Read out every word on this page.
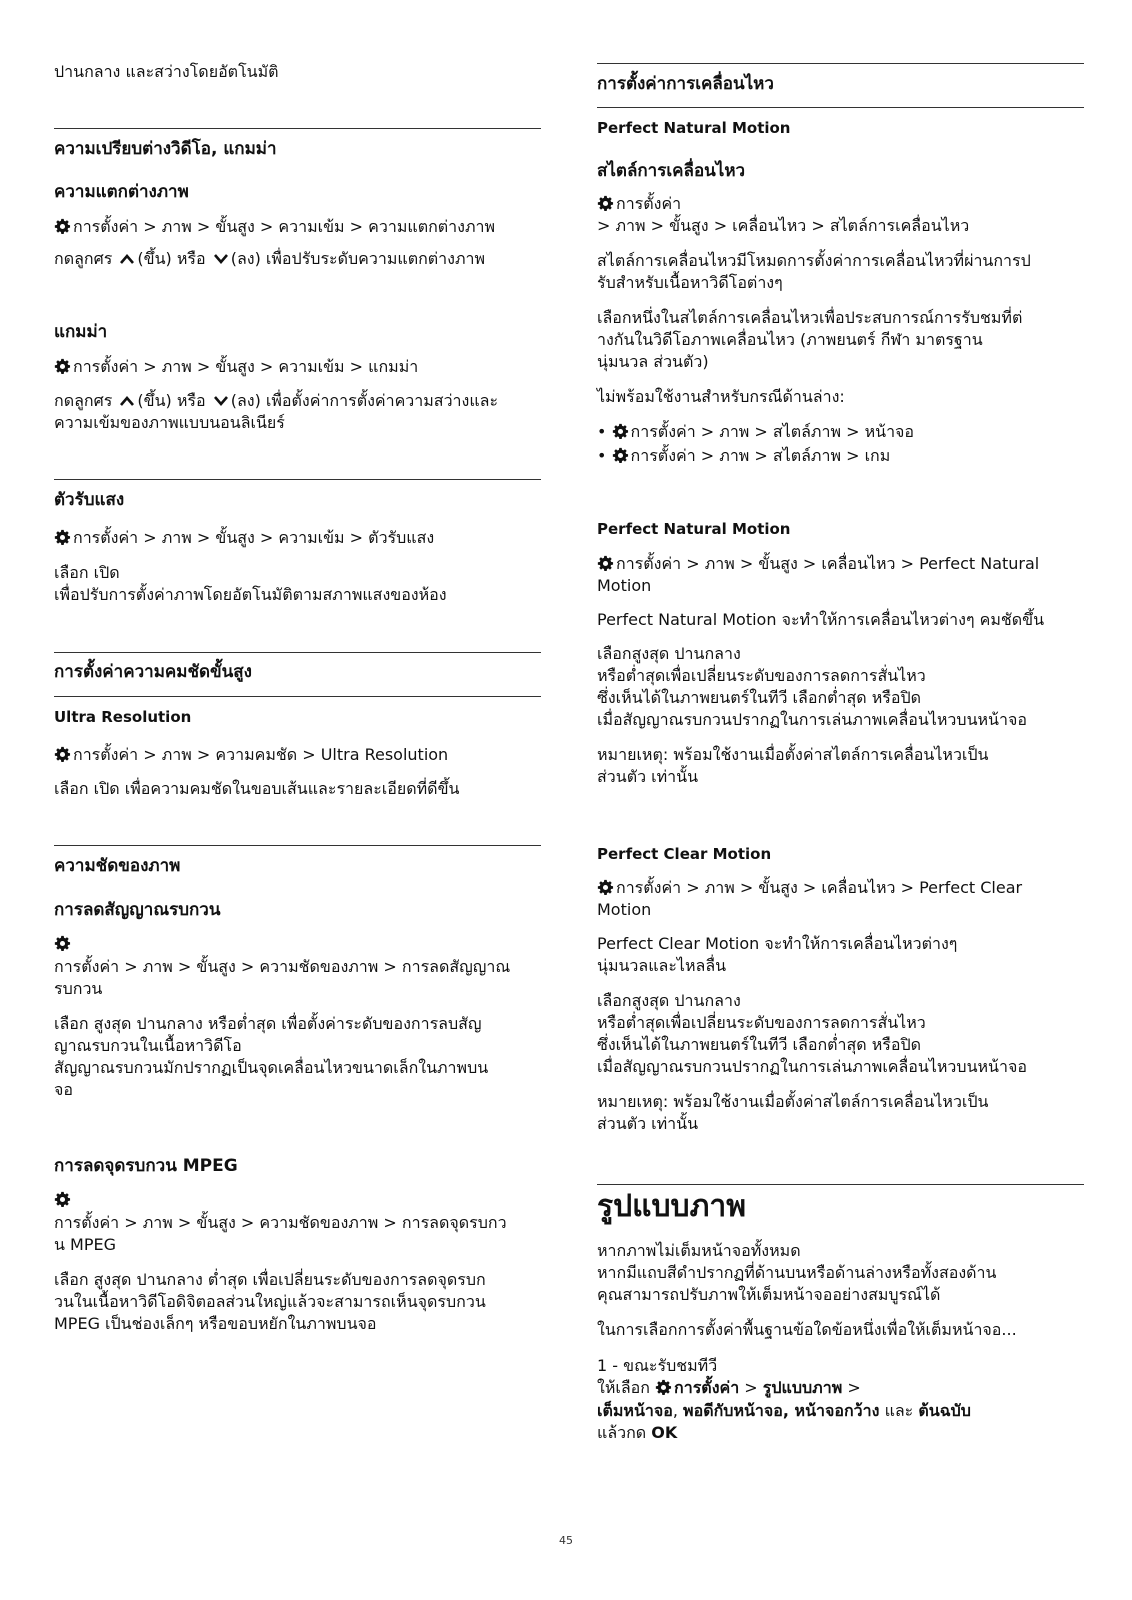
ปานกลาง และสว่างโดยอัตโนมัติ
ความเปรียบต่างวิดีโอ, แกมม่า
ความแตกต่างภาพ
การตั้งค่า > ภาพ > ขั้นสูง > ความเข้ม > ความแตกต่างภาพ
กดลูกศร (ขึ้น) หรือ (ลง) เพื่อปรับระดับความแตกต่างภาพ
แกมม่า
การตั้งค่า > ภาพ > ขั้นสูง > ความเข้ม > แกมม่า
กดลูกศร (ขึ้น) หรือ (ลง) เพื่อตั้งค่าการตั้งค่าความสว่างและ
ความเข้มของภาพแบบนอนลิเนียร์
ตัวรับแสง
การตั้งค่า > ภาพ > ขั้นสูง > ความเข้ม > ตัวรับแสง
เลือก เปิด
เพื่อปรับการตั้งค่าภาพโดยอัตโนมัติตามสภาพแสงของห้อง
การตั้งค่าความคมชัดขั้นสูง
Ultra Resolution
การตั้งค่า > ภาพ > ความคมชัด > Ultra Resolution
เลือก เปิด เพื่อความคมชัดในขอบเส้นและรายละเอียดที่ดีขึ้น
ความชัดของภาพ
การลดสัญญาณรบกวน
การตั้งค่า > ภาพ > ขั้นสูง > ความชัดของภาพ > การลดสัญญาณ
รบกวน
เลือก สูงสุด ปานกลาง หรือต่ำสุด เพื่อตั้งค่าระดับของการลบสัญ
ญาณรบกวนในเนื้อหาวิดีโอ
สัญญาณรบกวนมักปรากฏเป็นจุดเคลื่อนไหวขนาดเล็กในภาพบน
จอ
การลดจุดรบกวน MPEG
การตั้งค่า > ภาพ > ขั้นสูง > ความชัดของภาพ > การลดจุดรบกว
น MPEG
เลือก สูงสุด ปานกลาง ต่ำสุด เพื่อเปลี่ยนระดับของการลดจุดรบก
วนในเนื้อหาวิดีโอดิจิตอลส่วนใหญ่แล้วจะสามารถเห็นจุดรบกวน
MPEG เป็นช่องเล็กๆ หรือขอบหยักในภาพบนจอ
การตั้งค่าการเคลื่อนไหว
Perfect Natural Motion
สไตล์การเคลื่อนไหว
การตั้งค่า
> ภาพ > ขั้นสูง > เคลื่อนไหว > สไตล์การเคลื่อนไหว
สไตล์การเคลื่อนไหวมีโหมดการตั้งค่าการเคลื่อนไหวที่ผ่านการป
รับสำหรับเนื้อหาวิดีโอต่างๆ
เลือกหนึ่งในสไตล์การเคลื่อนไหวเพื่อประสบการณ์การรับชมที่ต่
างกันในวิดีโอภาพเคลื่อนไหว (ภาพยนตร์ กีฬา มาตรฐาน
นุ่มนวล ส่วนตัว)
ไม่พร้อมใช้งานสำหรับกรณีด้านล่าง:
• การตั้งค่า > ภาพ > สไตล์ภาพ > หน้าจอ
• การตั้งค่า > ภาพ > สไตล์ภาพ > เกม
Perfect Natural Motion
การตั้งค่า > ภาพ > ขั้นสูง > เคลื่อนไหว > Perfect Natural
Motion
Perfect Natural Motion จะทำให้การเคลื่อนไหวต่างๆ คมชัดขึ้น
เลือกสูงสุด ปานกลาง
หรือต่ำสุดเพื่อเปลี่ยนระดับของการลดการสั่นไหว
ซึ่งเห็นได้ในภาพยนตร์ในทีวี เลือกต่ำสุด หรือปิด
เมื่อสัญญาณรบกวนปรากฏในการเล่นภาพเคลื่อนไหวบนหน้าจอ
หมายเหตุ: พร้อมใช้งานเมื่อตั้งค่าสไตล์การเคลื่อนไหวเป็น
ส่วนตัว เท่านั้น
Perfect Clear Motion
การตั้งค่า > ภาพ > ขั้นสูง > เคลื่อนไหว > Perfect Clear
Motion
Perfect Clear Motion จะทำให้การเคลื่อนไหวต่างๆ
นุ่มนวลและไหลลื่น
เลือกสูงสุด ปานกลาง
หรือต่ำสุดเพื่อเปลี่ยนระดับของการลดการสั่นไหว
ซึ่งเห็นได้ในภาพยนตร์ในทีวี เลือกต่ำสุด หรือปิด
เมื่อสัญญาณรบกวนปรากฏในการเล่นภาพเคลื่อนไหวบนหน้าจอ
หมายเหตุ: พร้อมใช้งานเมื่อตั้งค่าสไตล์การเคลื่อนไหวเป็น
ส่วนตัว เท่านั้น
รูปแบบภาพ
หากภาพไม่เต็มหน้าจอทั้งหมด
หากมีแถบสีดำปรากฏที่ด้านบนหรือด้านล่างหรือทั้งสองด้าน
คุณสามารถปรับภาพให้เต็มหน้าจออย่างสมบูรณ์ได้
ในการเลือกการตั้งค่าพื้นฐานข้อใดข้อหนึ่งเพื่อให้เต็มหน้าจอ...
1 - ขณะรับชมทีวี
ให้เลือก การตั้งค่า > รูปแบบภาพ >
เต็มหน้าจอ, พอดีกับหน้าจอ, หน้าจอกว้าง และ ต้นฉบับ
แล้วกด OK
45
